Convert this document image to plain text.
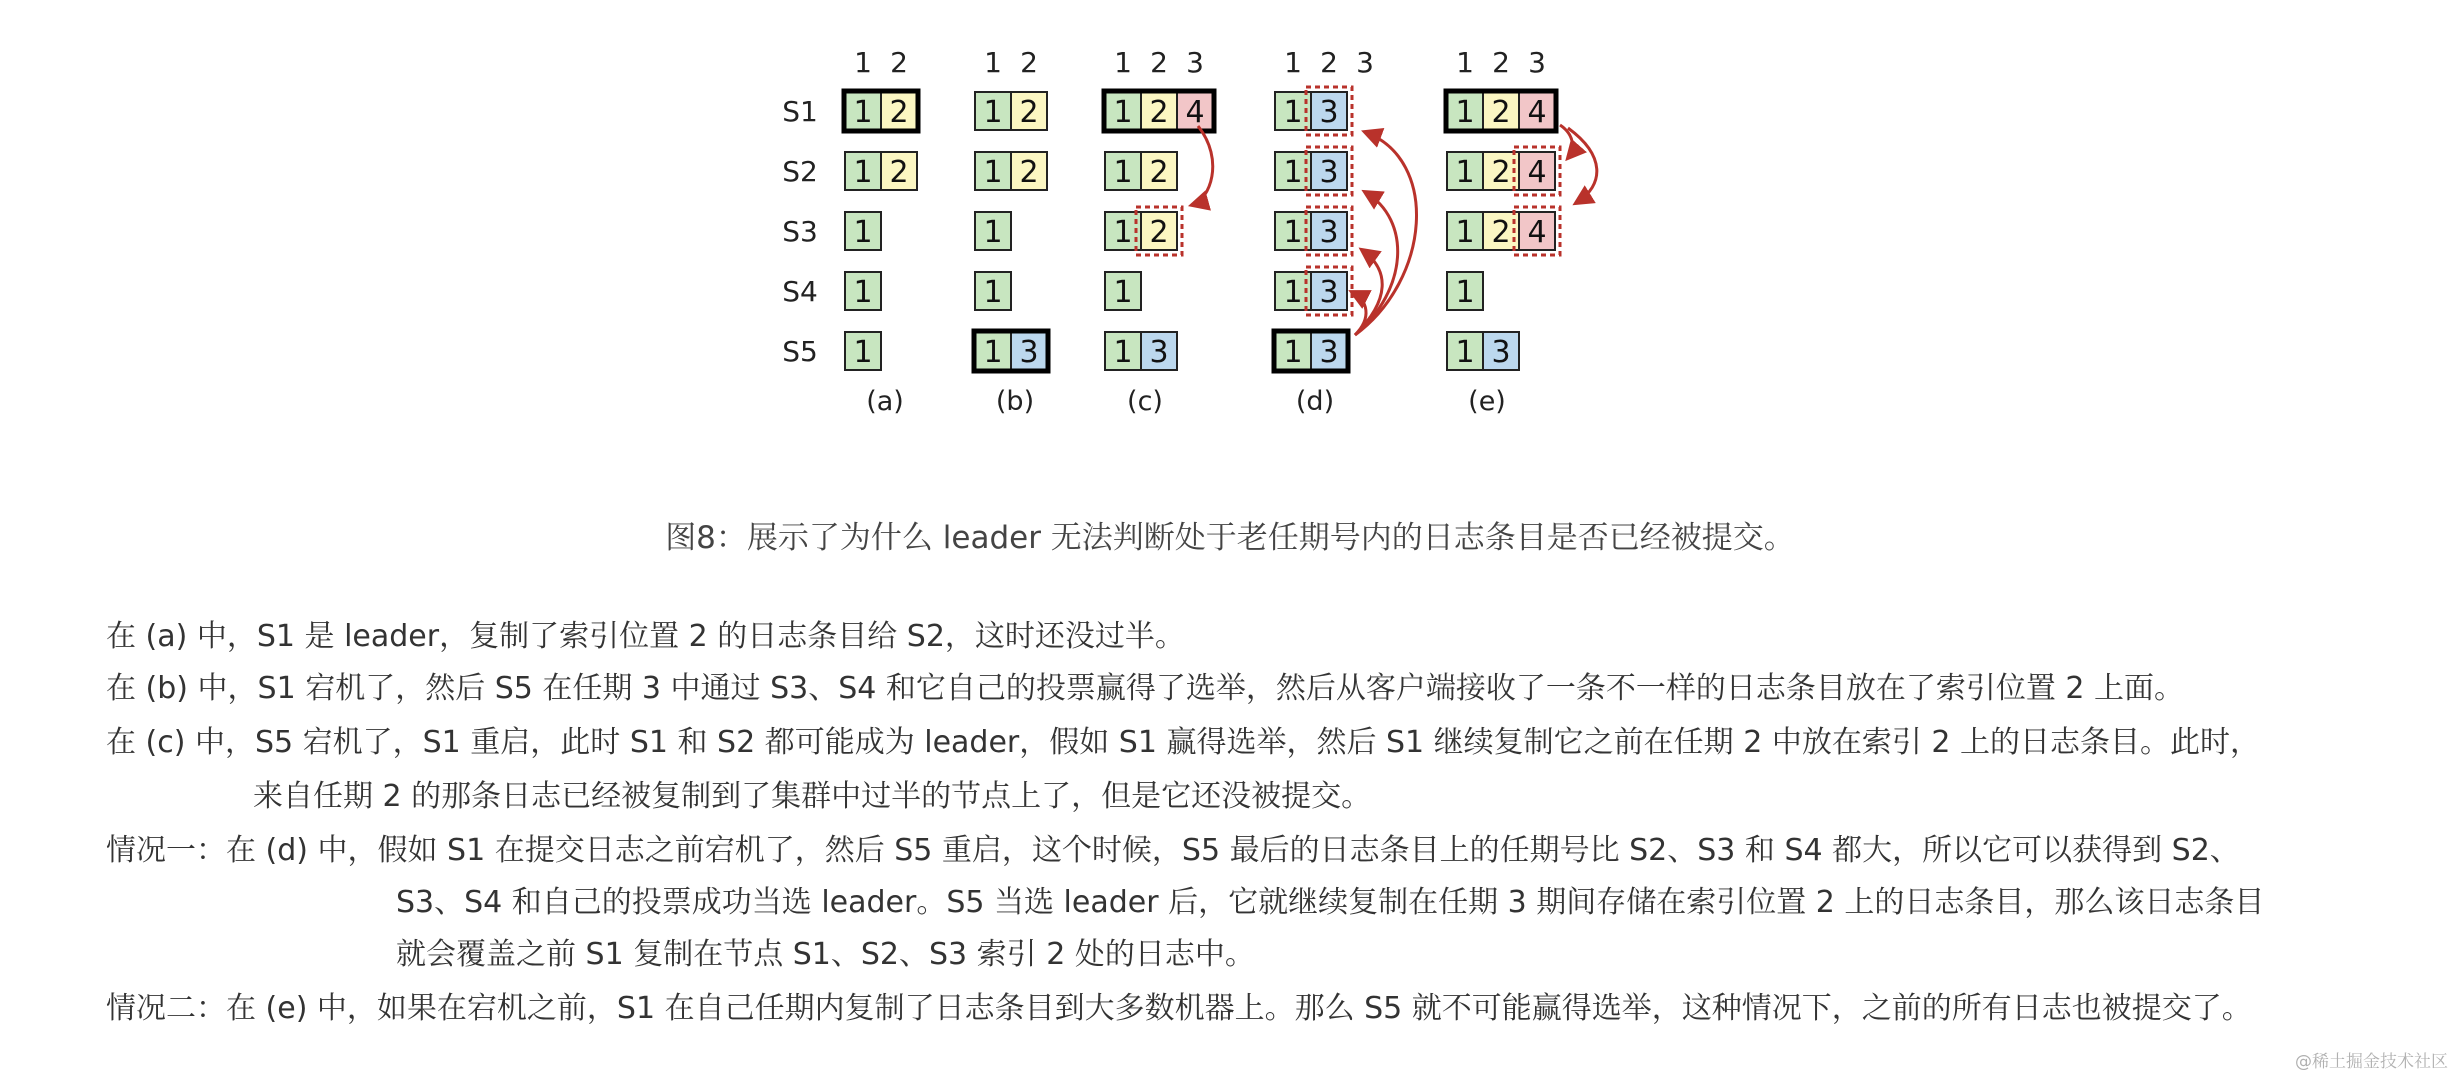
S1
S2
S3
S4
S5
1 2
1 2
1 2
1
1
1
(a)
1 2
1 2
1 2
1
1
1 3
(b)
1 2 3
1 2 4
1 2
1 2
1
1 3
(c)
1 2 3
1 3
1 3
1 3
1 3
1 3
(d)
1 2 3
1 2 4
1 2 4
1 2 4
1
1 3
(e)
图8：展示了为什么 leader 无法判断处于老任期号内的日志条目是否已经被提交。
在 (a) 中，S1 是 leader，复制了索引位置 2 的日志条目给 S2，这时还没过半。
在 (b) 中，S1 宕机了，然后 S5 在任期 3 中通过 S3、S4 和它自己的投票赢得了选举，然后从客户端接收了一条不一样的日志条目放在了索引位置 2 上面。
在 (c) 中，S5 宕机了，S1 重启，此时 S1 和 S2 都可能成为 leader，假如 S1 赢得选举，然后 S1 继续复制它之前在任期 2 中放在索引 2 上的日志条目。此时，
来自任期 2 的那条日志已经被复制到了集群中过半的节点上了，但是它还没被提交。
情况一：在 (d) 中，假如 S1 在提交日志之前宕机了，然后 S5 重启，这个时候，S5 最后的日志条目上的任期号比 S2、S3 和 S4 都大，所以它可以获得到 S2、
S3、S4 和自己的投票成功当选 leader。S5 当选 leader 后，它就继续复制在任期 3 期间存储在索引位置 2 上的日志条目，那么该日志条目
就会覆盖之前 S1 复制在节点 S1、S2、S3 索引 2 处的日志中。
情况二：在 (e) 中，如果在宕机之前，S1 在自己任期内复制了日志条目到大多数机器上。那么 S5 就不可能赢得选举，这种情况下，之前的所有日志也被提交了。
@稀土掘金技术社区
